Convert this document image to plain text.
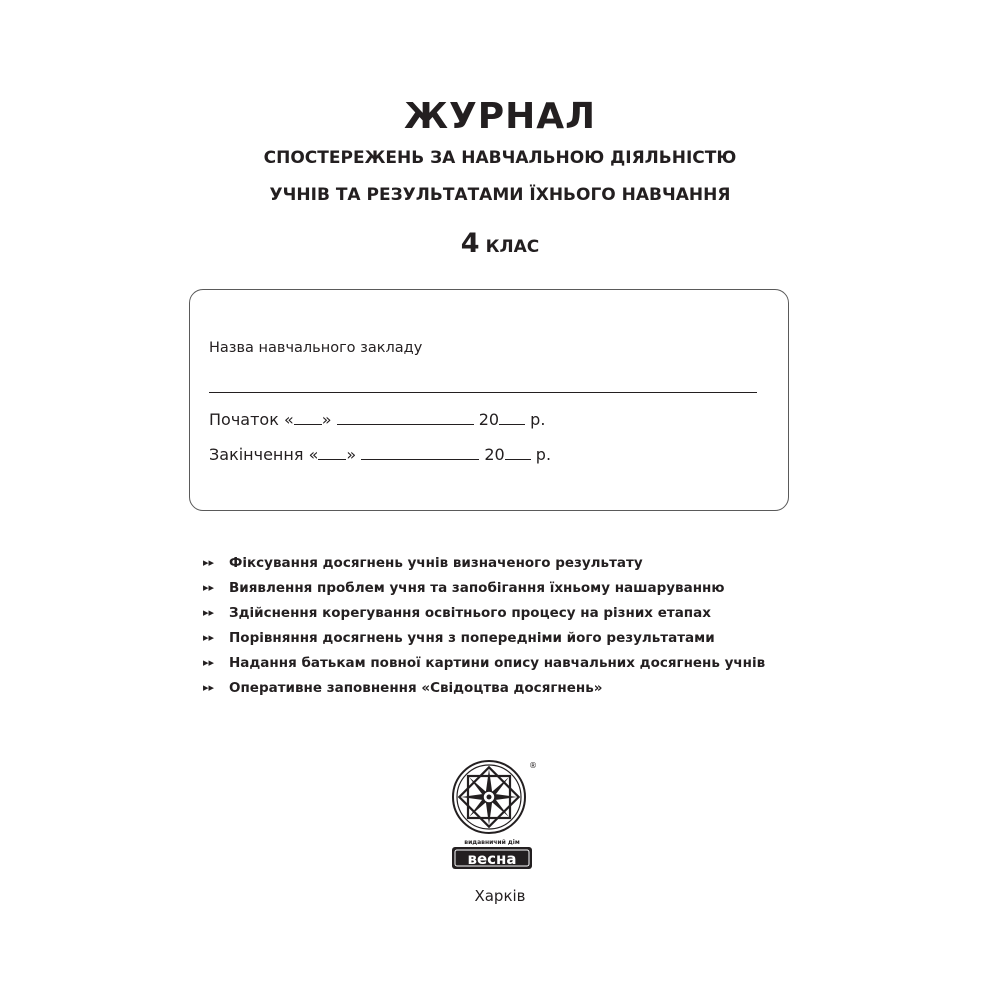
ЖУРНАЛ
СПОСТЕРЕЖЕНЬ ЗА НАВЧАЛЬНОЮ ДІЯЛЬНІСТЮ
УЧНІВ ТА РЕЗУЛЬТАТАМИ ЇХНЬОГО НАВЧАННЯ
4 КЛАС
Назва навчального закладу
Початок « »	20 р.
Закінчення « »	20 р.
▸▸ Фіксування досягнень учнів визначеного результату
▸▸ Виявлення проблем учня та запобігання їхньому нашаруванню
▸▸ Здійснення корегування освітнього процесу на різних етапах
▸▸ Порівняння досягнень учня з попередніми його результатами
▸▸ Надання батькам повної картини опису навчальних досягнень учнів
▸▸ Оперативне заповнення «Свідоцтва досягнень»
®
видавничий дім
весна
Харків
